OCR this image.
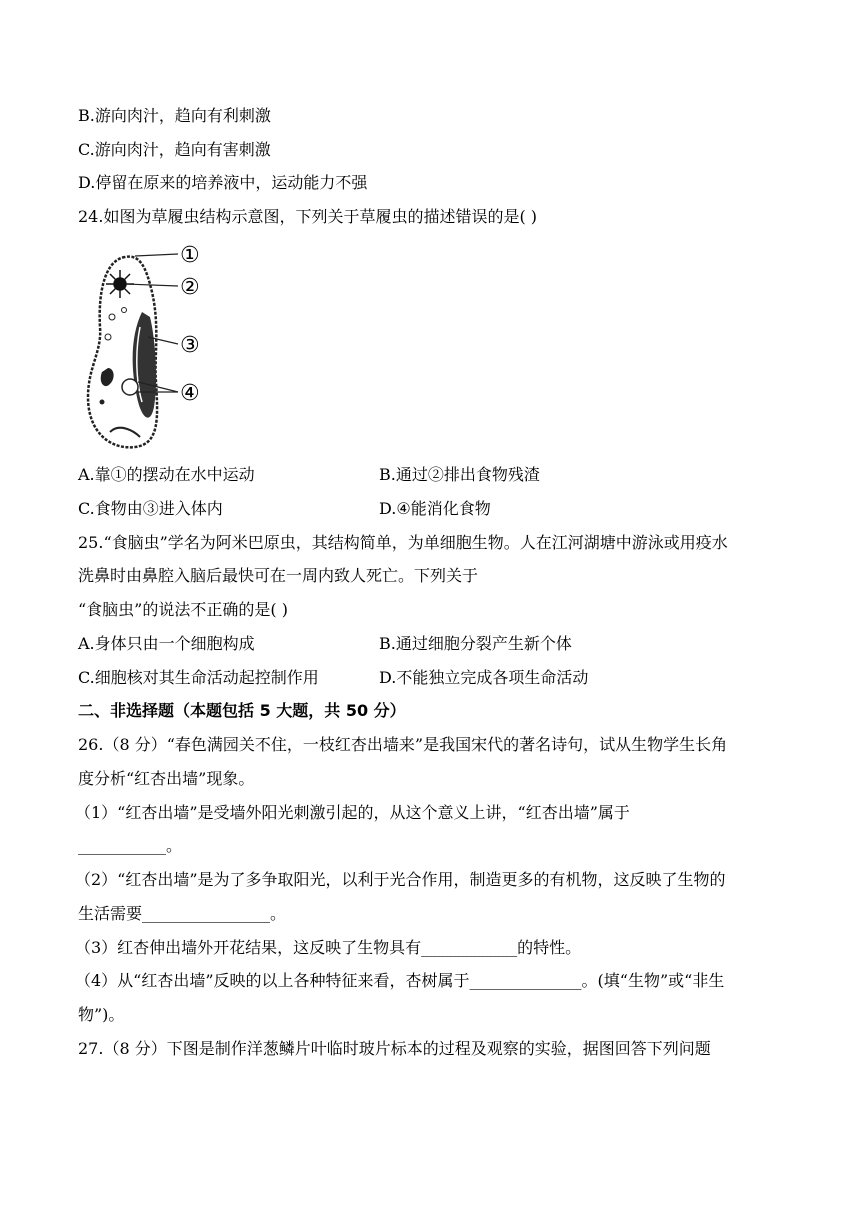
B.游向肉汁，趋向有利刺激
C.游向肉汁，趋向有害刺激
D.停留在原来的培养液中，运动能力不强
24.如图为草履虫结构示意图，下列关于草履虫的描述错误的是( )
①
②
③
④
A.靠①的摆动在水中运动	B.通过②排出食物残渣
C.食物由③进入体内	D.④能消化食物
25.“食脑虫”学名为阿米巴原虫，其结构简单，为单细胞生物。人在江河湖塘中游泳或用疫水
洗鼻时由鼻腔入脑后最快可在一周内致人死亡。下列关于
“食脑虫”的说法不正确的是( )
A.身体只由一个细胞构成	B.通过细胞分裂产生新个体
C.细胞核对其生命活动起控制作用	D.不能独立完成各项生命活动
二、非选择题（本题包括 5 大题，共 50 分）
26.（8 分）“春色满园关不住，一枝红杏出墙来”是我国宋代的著名诗句，试从生物学生长角
度分析“红杏出墙”现象。
（1）“红杏出墙”是受墙外阳光刺激引起的，从这个意义上讲，“红杏出墙”属于
___________。
（2）“红杏出墙”是为了多争取阳光，以利于光合作用，制造更多的有机物，这反映了生物的
生活需要________________。
（3）红杏伸出墙外开花结果，这反映了生物具有____________的特性。
（4）从“红杏出墙”反映的以上各种特征来看，杏树属于______________。(填“生物”或“非生
物”)。
27.（8 分）下图是制作洋葱鳞片叶临时玻片标本的过程及观察的实验，据图回答下列问题
